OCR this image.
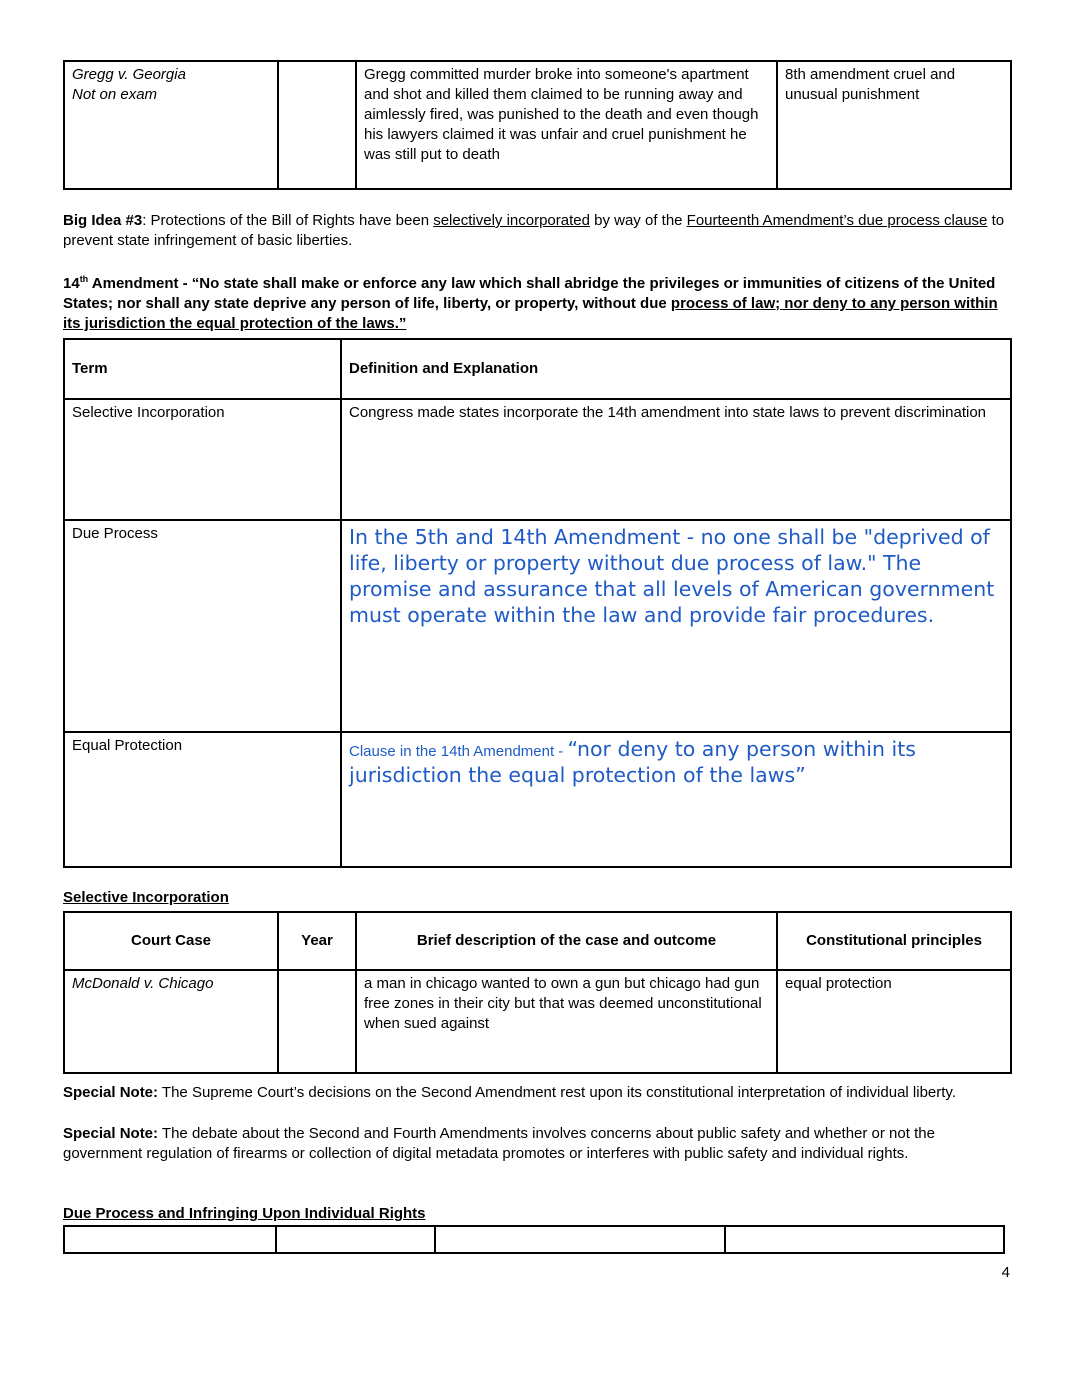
Gregg v. Georgia
Not on exam
		Gregg committed murder broke into someone's apartment and shot and killed them claimed to be running away and aimlessly fired, was punished to the death and even though his lawyers claimed it was unfair and cruel punishment he was still put to death	8th amendment cruel and unusual punishment

Big Idea #3: Protections of the Bill of Rights have been selectively incorporated by way of the Fourteenth Amendment’s due process clause to prevent state infringement of basic liberties.

14th Amendment - “No state shall make or enforce any law which shall abridge the privileges or immunities of citizens of the United States; nor shall any state deprive any person of life, liberty, or property, without due process of law; nor deny to any person within its jurisdiction the equal protection of the laws.”

Term	Definition and Explanation
Selective Incorporation	Congress made states incorporate the 14th amendment into state laws to prevent discrimination
Due Process	In the 5th and 14th Amendment - no one shall be "deprived of life, liberty or property without due process of law." The promise and assurance that all levels of American government must operate within the law and provide fair procedures.
Equal Protection	Clause in the 14th Amendment - “nor deny to any person within its jurisdiction the equal protection of the laws”
Selective Incorporation
Court Case	Year	Brief description of the case and outcome	Constitutional principles
McDonald v. Chicago		a man in chicago wanted to own a gun but chicago had gun free zones in their city but that was deemed unconstitutional when sued against	equal protection

Special Note: The Supreme Court’s decisions on the Second Amendment rest upon its constitutional interpretation of individual liberty.

Special Note: The debate about the Second and Fourth Amendments involves concerns about public safety and whether or not the government regulation of firearms or collection of digital metadata promotes or interferes with public safety and individual rights.

Due Process and Infringing Upon Individual Rights

4
